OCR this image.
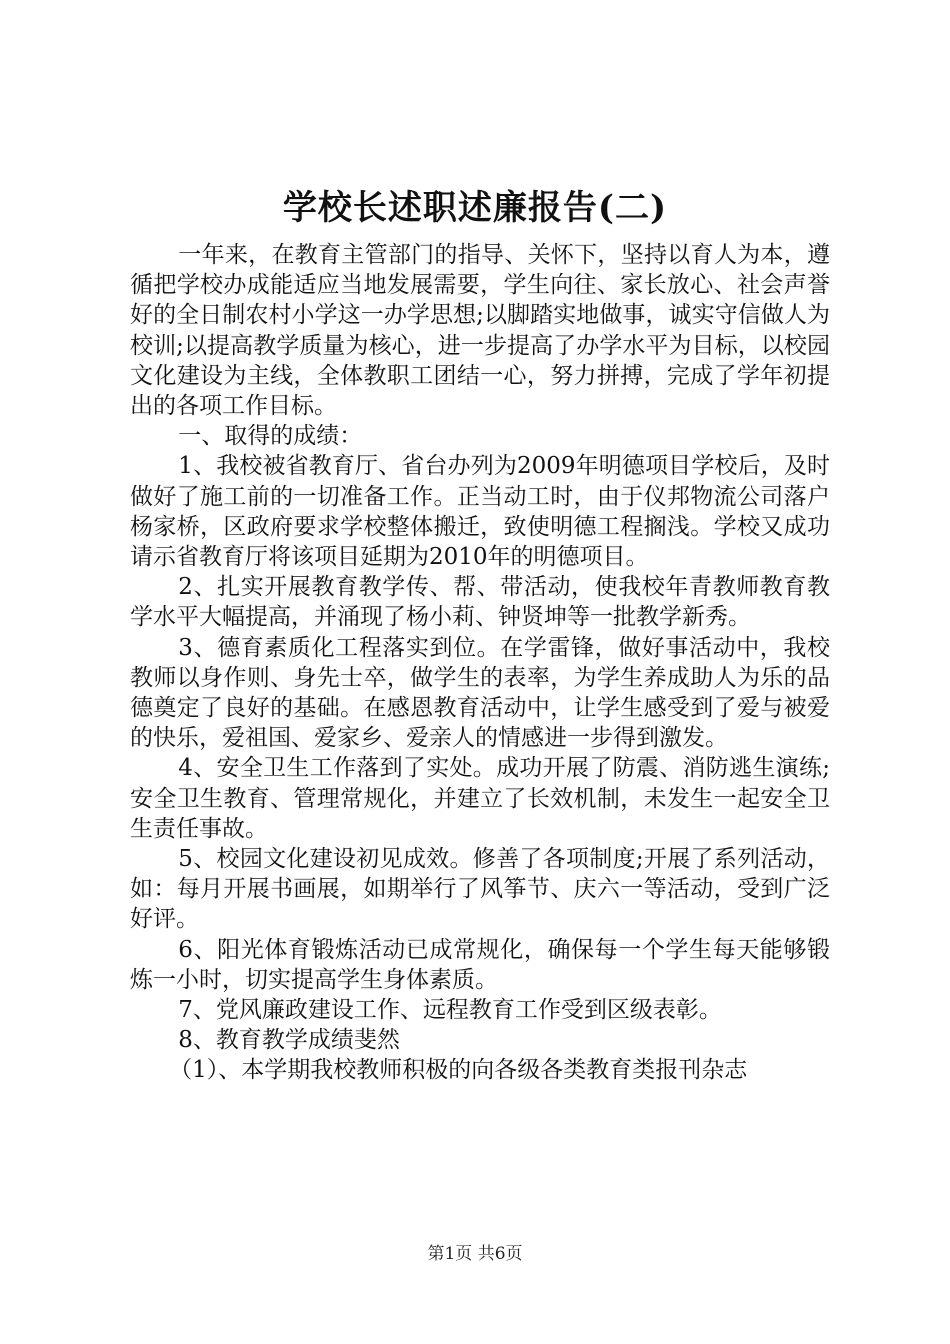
学校长述职述廉报告(二)

一年来，在教育主管部门的指导、关怀下，坚持以育人为本，遵循把学校办成能适应当地发展需要，学生向往、家长放心、社会声誉好的全日制农村小学这一办学思想;以脚踏实地做事，诚实守信做人为校训;以提高教学质量为核心，进一步提高了办学水平为目标，以校园文化建设为主线，全体教职工团结一心，努力拼搏，完成了学年初提出的各项工作目标。

一、取得的成绩：

1、我校被省教育厅、省台办列为2009年明德项目学校后，及时做好了施工前的一切准备工作。正当动工时，由于仪邦物流公司落户杨家桥，区政府要求学校整体搬迁，致使明德工程搁浅。学校又成功请示省教育厅将该项目延期为2010年的明德项目。

2、扎实开展教育教学传、帮、带活动，使我校年青教师教育教学水平大幅提高，并涌现了杨小莉、钟贤坤等一批教学新秀。

3、德育素质化工程落实到位。在学雷锋，做好事活动中，我校教师以身作则、身先士卒，做学生的表率，为学生养成助人为乐的品德奠定了良好的基础。在感恩教育活动中，让学生感受到了爱与被爱的快乐，爱祖国、爱家乡、爱亲人的情感进一步得到激发。

4、安全卫生工作落到了实处。成功开展了防震、消防逃生演练;安全卫生教育、管理常规化，并建立了长效机制，未发生一起安全卫生责任事故。

5、校园文化建设初见成效。修善了各项制度;开展了系列活动，如：每月开展书画展，如期举行了风筝节、庆六一等活动，受到广泛好评。

6、阳光体育锻炼活动已成常规化，确保每一个学生每天能够锻炼一小时，切实提高学生身体素质。

7、党风廉政建设工作、远程教育工作受到区级表彰。

8、教育教学成绩斐然

（1）、本学期我校教师积极的向各级各类教育类报刊杂志

第1页 共6页
